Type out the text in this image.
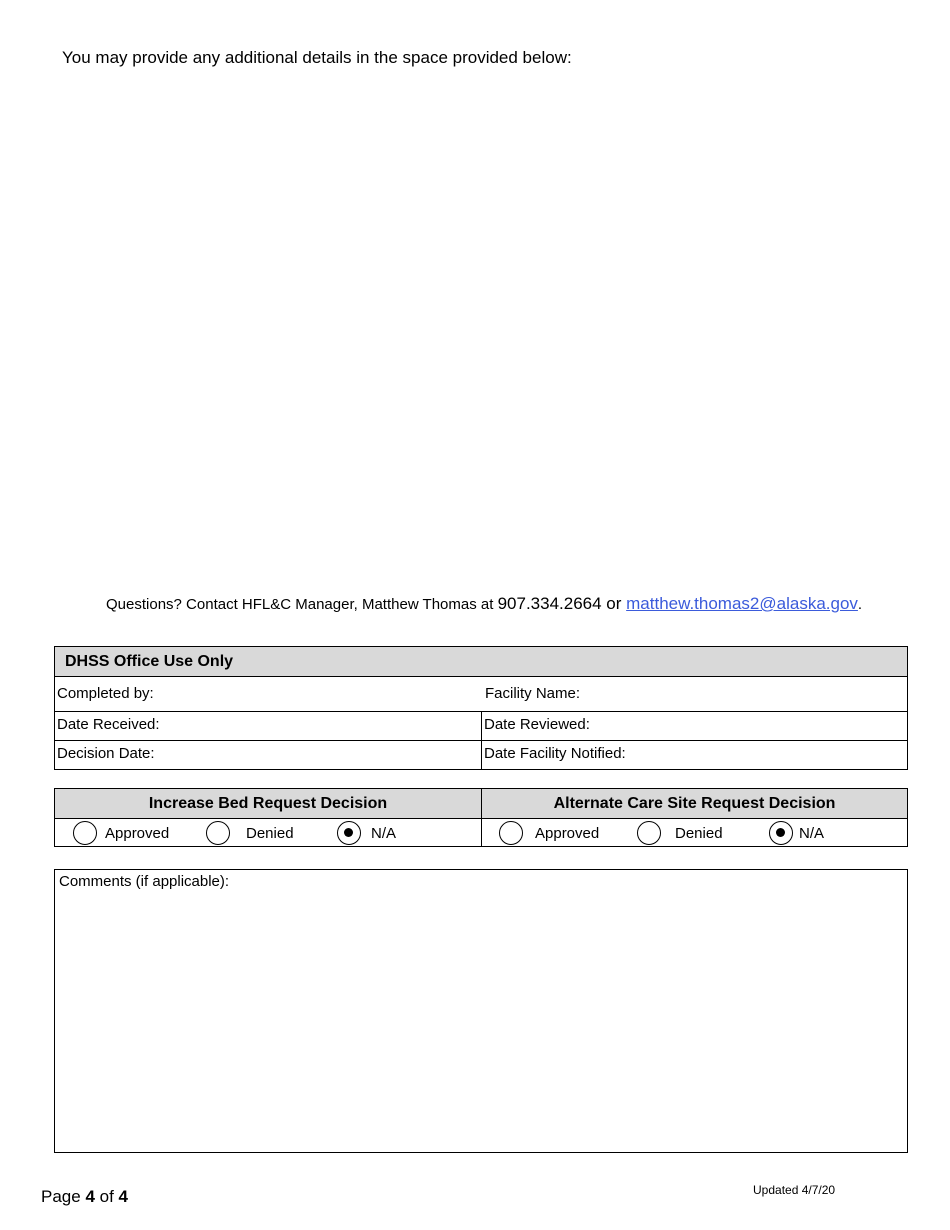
You may provide any additional details in the space provided below:
Questions? Contact HFL&C Manager, Matthew Thomas at 907.334.2664 or matthew.thomas2@alaska.gov.
DHSS Office Use Only
Completed by:	Facility Name:
Date Received:	Date Reviewed:
Decision Date:	Date Facility Notified:
Increase Bed Request Decision
Approved	Denied	N/A
Alternate Care Site Request Decision
Approved	Denied	N/A
Comments (if applicable):
Page 4 of 4	Updated 4/7/20
